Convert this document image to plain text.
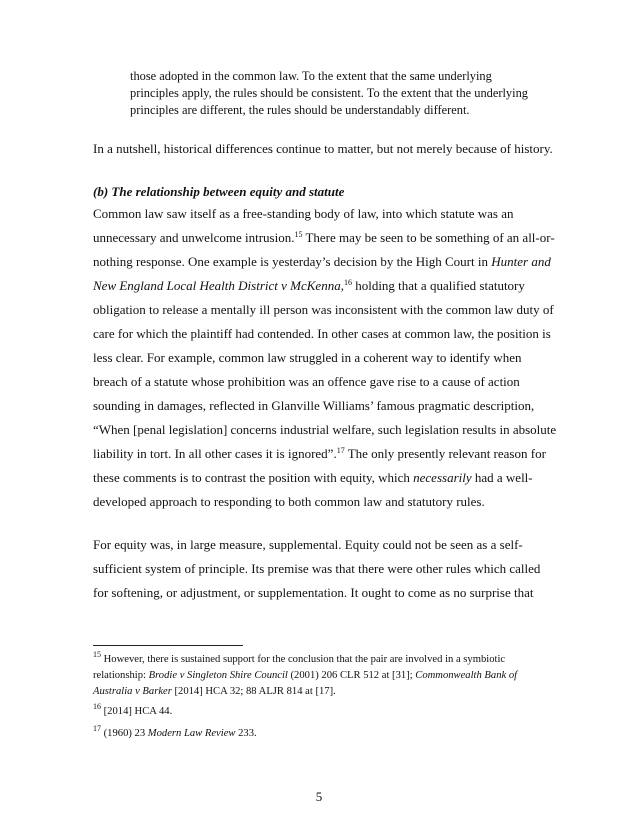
those adopted in the common law. To the extent that the same underlying
principles apply, the rules should be consistent. To the extent that the underlying
principles are different, the rules should be understandably different.
In a nutshell, historical differences continue to matter, but not merely because of history.
(b) The relationship between equity and statute
Common law saw itself as a free-standing body of law, into which statute was an
unnecessary and unwelcome intrusion.$^{15}$ There may be seen to be something of an all-or-
nothing response. One example is yesterday’s decision by the High Court in Hunter and
New England Local Health District v McKenna,$^{16}$ holding that a qualified statutory
obligation to release a mentally ill person was inconsistent with the common law duty of
care for which the plaintiff had contended. In other cases at common law, the position is
less clear. For example, common law struggled in a coherent way to identify when
breach of a statute whose prohibition was an offence gave rise to a cause of action
sounding in damages, reflected in Glanville Williams’ famous pragmatic description,
“When [penal legislation] concerns industrial welfare, such legislation results in absolute
liability in tort. In all other cases it is ignored”.$^{17}$ The only presently relevant reason for
these comments is to contrast the position with equity, which necessarily had a well-
developed approach to responding to both common law and statutory rules.
For equity was, in large measure, supplemental. Equity could not be seen as a self-
sufficient system of principle. Its premise was that there were other rules which called
for softening, or adjustment, or supplementation. It ought to come as no surprise that
$^{15}$ However, there is sustained support for the conclusion that the pair are involved in a symbiotic
relationship: Brodie v Singleton Shire Council (2001) 206 CLR 512 at [31]; Commonwealth Bank of
Australia v Barker [2014] HCA 32; 88 ALJR 814 at [17].
$^{16}$ [2014] HCA 44.
$^{17}$ (1960) 23 Modern Law Review 233.
5
